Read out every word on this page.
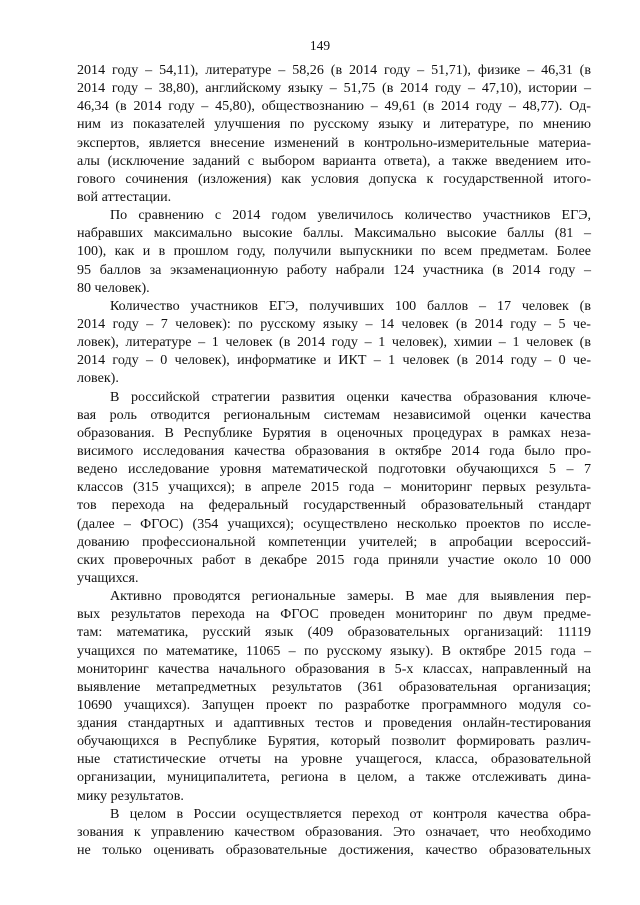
149
2014 году – 54,11), литературе – 58,26 (в 2014 году – 51,71), физике – 46,31 (в
2014 году – 38,80), английскому языку – 51,75 (в 2014 году – 47,10), истории –
46,34 (в 2014 году – 45,80), обществознанию – 49,61 (в 2014 году – 48,77). Од-
ним из показателей улучшения по русскому языку и литературе, по мнению
экспертов, является внесение изменений в контрольно-измерительные материа-
алы (исключение заданий с выбором варианта ответа), а также введением ито-
гового сочинения (изложения) как условия допуска к государственной итого-
вой аттестации.
По сравнению с 2014 годом увеличилось количество участников ЕГЭ,
набравших максимально высокие баллы. Максимально высокие баллы (81 –
100), как и в прошлом году, получили выпускники по всем предметам. Более
95 баллов за экзаменационную работу набрали 124 участника (в 2014 году –
80 человек).
Количество участников ЕГЭ, получивших 100 баллов – 17 человек (в
2014 году – 7 человек): по русскому языку – 14 человек (в 2014 году – 5 че-
ловек), литературе – 1 человек (в 2014 году – 1 человек), химии – 1 человек (в
2014 году – 0 человек), информатике и ИКТ – 1 человек (в 2014 году – 0 че-
ловек).
В российской стратегии развития оценки качества образования ключе-
вая роль отводится региональным системам независимой оценки качества
образования. В Республике Бурятия в оценочных процедурах в рамках неза-
висимого исследования качества образования в октябре 2014 года было про-
ведено исследование уровня математической подготовки обучающихся 5 – 7
классов (315 учащихся); в апреле 2015 года – мониторинг первых результа-
тов перехода на федеральный государственный образовательный стандарт
(далее – ФГОС) (354 учащихся); осуществлено несколько проектов по иссле-
дованию профессиональной компетенции учителей; в апробации всероссий-
ских проверочных работ в декабре 2015 года приняли участие около 10 000
учащихся.
Активно проводятся региональные замеры. В мае для выявления пер-
вых результатов перехода на ФГОС проведен мониторинг по двум предме-
там: математика, русский язык (409 образовательных организаций: 11119
учащихся по математике, 11065 – по русскому языку). В октябре 2015 года –
мониторинг качества начального образования в 5-х классах, направленный на
выявление метапредметных результатов (361 образовательная организация;
10690 учащихся). Запущен проект по разработке программного модуля со-
здания стандартных и адаптивных тестов и проведения онлайн-тестирования
обучающихся в Республике Бурятия, который позволит формировать различ-
ные статистические отчеты на уровне учащегося, класса, образовательной
организации, муниципалитета, региона в целом, а также отслеживать дина-
мику результатов.
В целом в России осуществляется переход от контроля качества обра-
зования к управлению качеством образования. Это означает, что необходимо
не только оценивать образовательные достижения, качество образовательных
